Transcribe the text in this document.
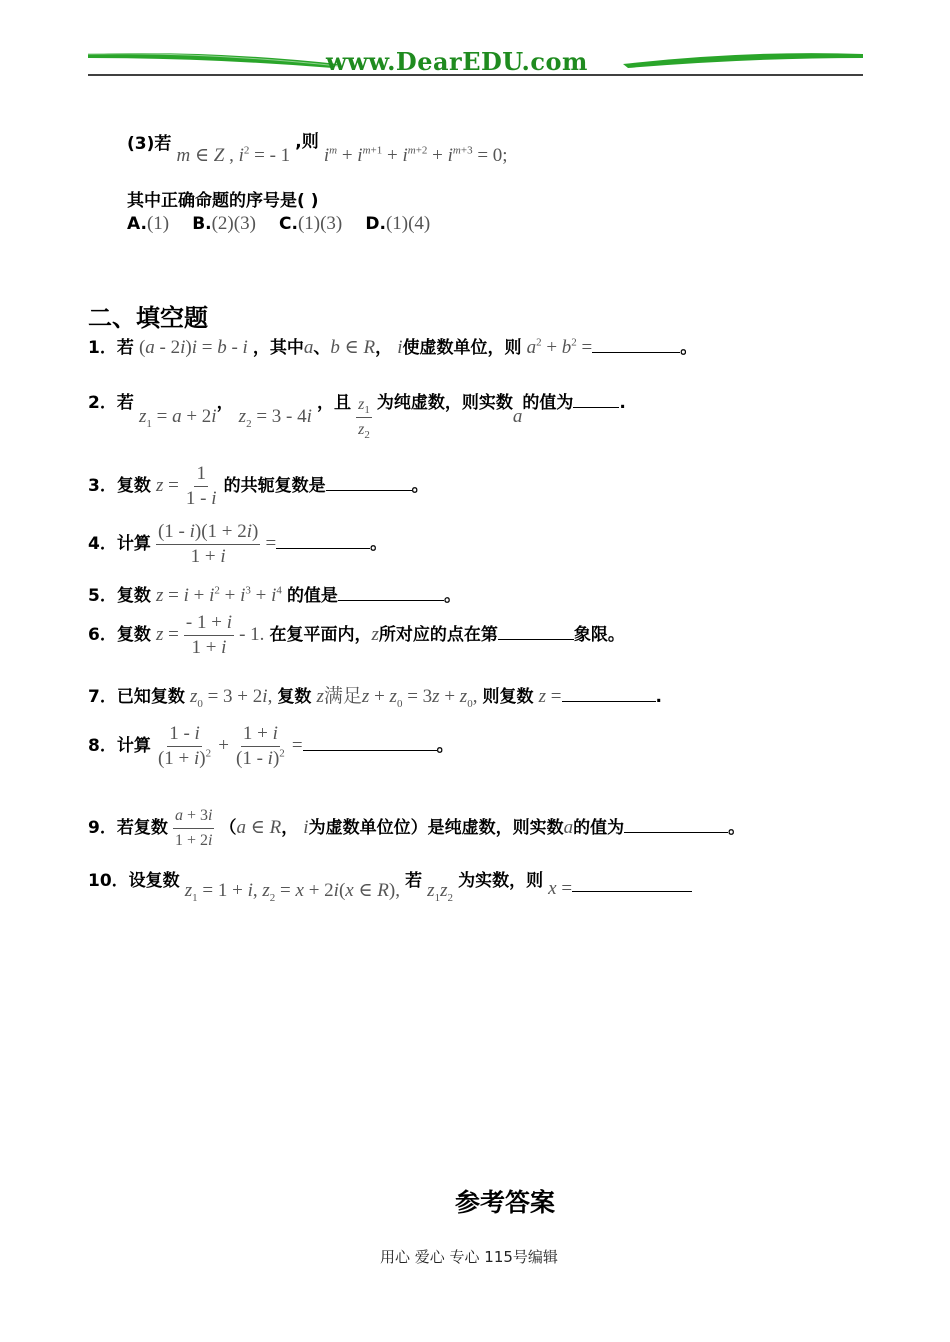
www.DearEDU.com
(3)若 m ∈ Z , $i^2$ = - 1 ,则 $i^m + i^{m+1} + i^{m+2} + i^{m+3} = 0$;
其中正确命题的序号是( )
A.(1) B.(2)(3) C.(1)(3) D.(1)(4)
二、填空题
1．若 (a - 2i)i = b - i ，其中a、b ∈ R， i使虚数单位，则 $a^2 + b^2$ =	。
2．若 $z_1 = a + 2i$， $z_2 = 3 - 4i$ ，且 $\frac{z_1}{z_2}$ 为纯虚数，则实数a的值为	.
3．复数 $z = \frac{1}{1 - i}$ 的共轭复数是	。
4．计算 $\frac{(1 - i)(1 + 2i)}{1 + i}$ =	。
5．复数 $z = i + i^2 + i^3 + i^4$ 的值是	。
6．复数 $z = \frac{- 1 + i}{1 + i} - 1$. 在复平面内，z所对应的点在第	象限。
7．已知复数 $z_0 = 3 + 2i$, 复数 z满足$z + z_0 = 3z + z_0$, 则复数 z =	.
8．计算 $\frac{1 - i}{(1 + i)^2} + \frac{1 + i}{(1 - i)^2}$ =	。
9．若复数 $\frac{a + 3i}{1 + 2i} (a$ ∈ R， i为虚数单位位）是纯虚数，则实数a的值为	。
10．设复数 $z_1 = 1 + i$, $z_2 = x + 2i(x$ ∈ R), 若 $z_1z_2$ 为实数，则 x =
参考答案
用心 爱心 专心 115号编辑
